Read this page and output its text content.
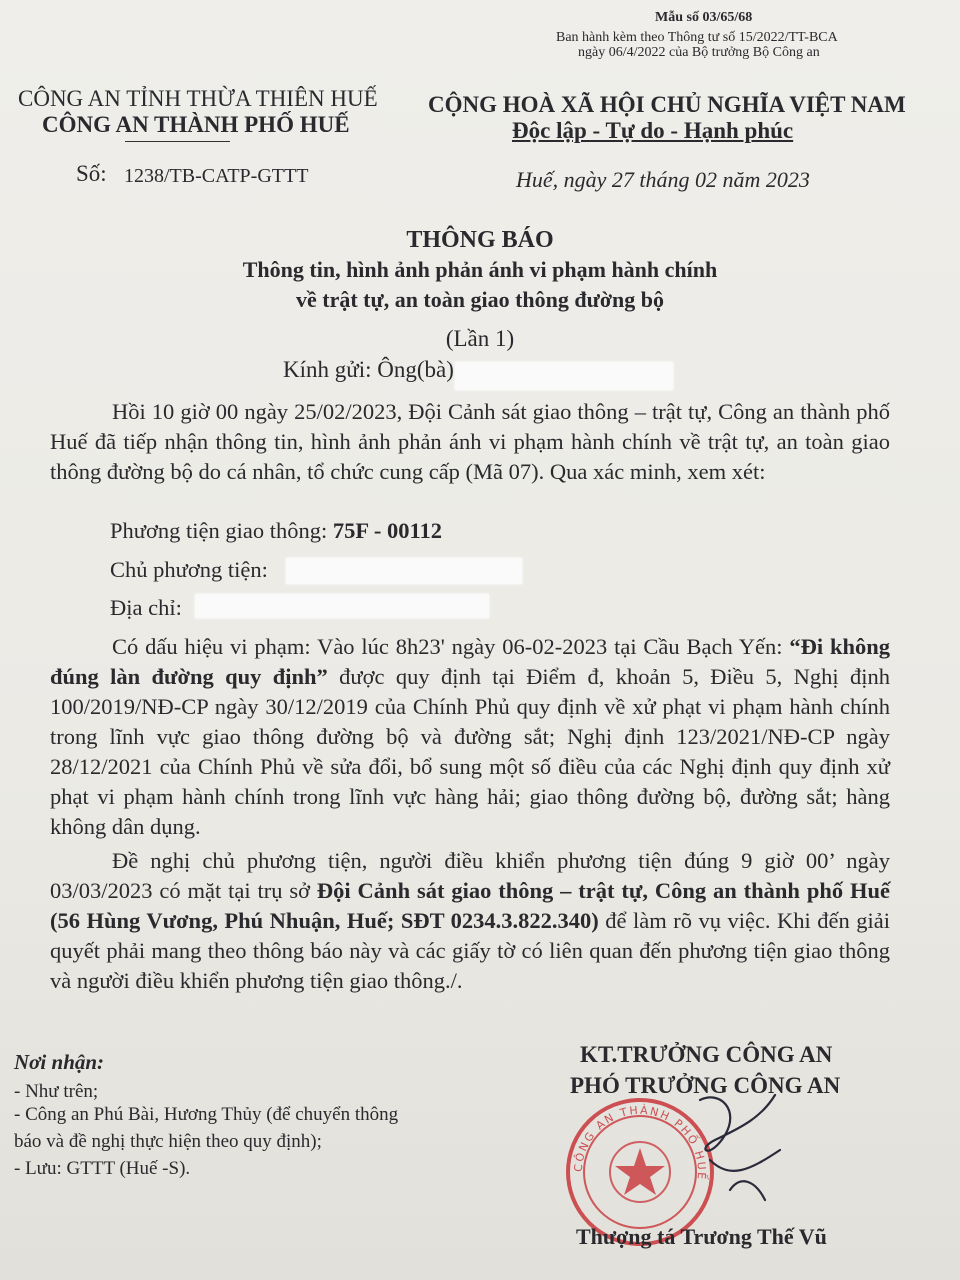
Mẫu số 03/65/68
Ban hành kèm theo Thông tư số 15/2022/TT-BCA
ngày 06/4/2022 của Bộ trưởng Bộ Công an
CÔNG AN TỈNH THỪA THIÊN HUẾ
CÔNG AN THÀNH PHỐ HUẾ
CỘNG HOÀ XÃ HỘI CHỦ NGHĨA VIỆT NAM
Độc lập - Tự do - Hạnh phúc
Số: 1238/TB-CATP-GTTT	Huế, ngày 27 tháng 02 năm 2023
THÔNG BÁO
Thông tin, hình ảnh phản ánh vi phạm hành chính
về trật tự, an toàn giao thông đường bộ
(Lần 1)
Kính gửi: Ông(bà)
Hồi 10 giờ 00 ngày 25/02/2023, Đội Cảnh sát giao thông – trật tự, Công an thành phố Huế đã tiếp nhận thông tin, hình ảnh phản ánh vi phạm hành chính về trật tự, an toàn giao thông đường bộ do cá nhân, tổ chức cung cấp (Mã 07). Qua xác minh, xem xét:
Phương tiện giao thông: 75F - 00112
Chủ phương tiện:
Địa chỉ:
Có dấu hiệu vi phạm: Vào lúc 8h23' ngày 06-02-2023 tại Cầu Bạch Yến: “Đi không đúng làn đường quy định” được quy định tại Điểm đ, khoản 5, Điều 5, Nghị định 100/2019/NĐ-CP ngày 30/12/2019 của Chính Phủ quy định về xử phạt vi phạm hành chính trong lĩnh vực giao thông đường bộ và đường sắt; Nghị định 123/2021/NĐ-CP ngày 28/12/2021 của Chính Phủ về sửa đổi, bổ sung một số điều của các Nghị định quy định xử phạt vi phạm hành chính trong lĩnh vực hàng hải; giao thông đường bộ, đường sắt; hàng không dân dụng.
Đề nghị chủ phương tiện, người điều khiển phương tiện đúng 9 giờ 00’ ngày 03/03/2023 có mặt tại trụ sở Đội Cảnh sát giao thông – trật tự, Công an thành phố Huế (56 Hùng Vương, Phú Nhuận, Huế; SĐT 0234.3.822.340) để làm rõ vụ việc. Khi đến giải quyết phải mang theo thông báo này và các giấy tờ có liên quan đến phương tiện giao thông và người điều khiển phương tiện giao thông./.
Nơi nhận:
- Như trên;
- Công an Phú Bài, Hương Thủy (để chuyển thông
báo và đề nghị thực hiện theo quy định);
- Lưu: GTTT (Huế -S).
KT.TRƯỞNG CÔNG AN
PHÓ TRƯỞNG CÔNG AN
CÔNG AN THÀNH PHỐ HUẾ
Thượng tá Trương Thế Vũ
